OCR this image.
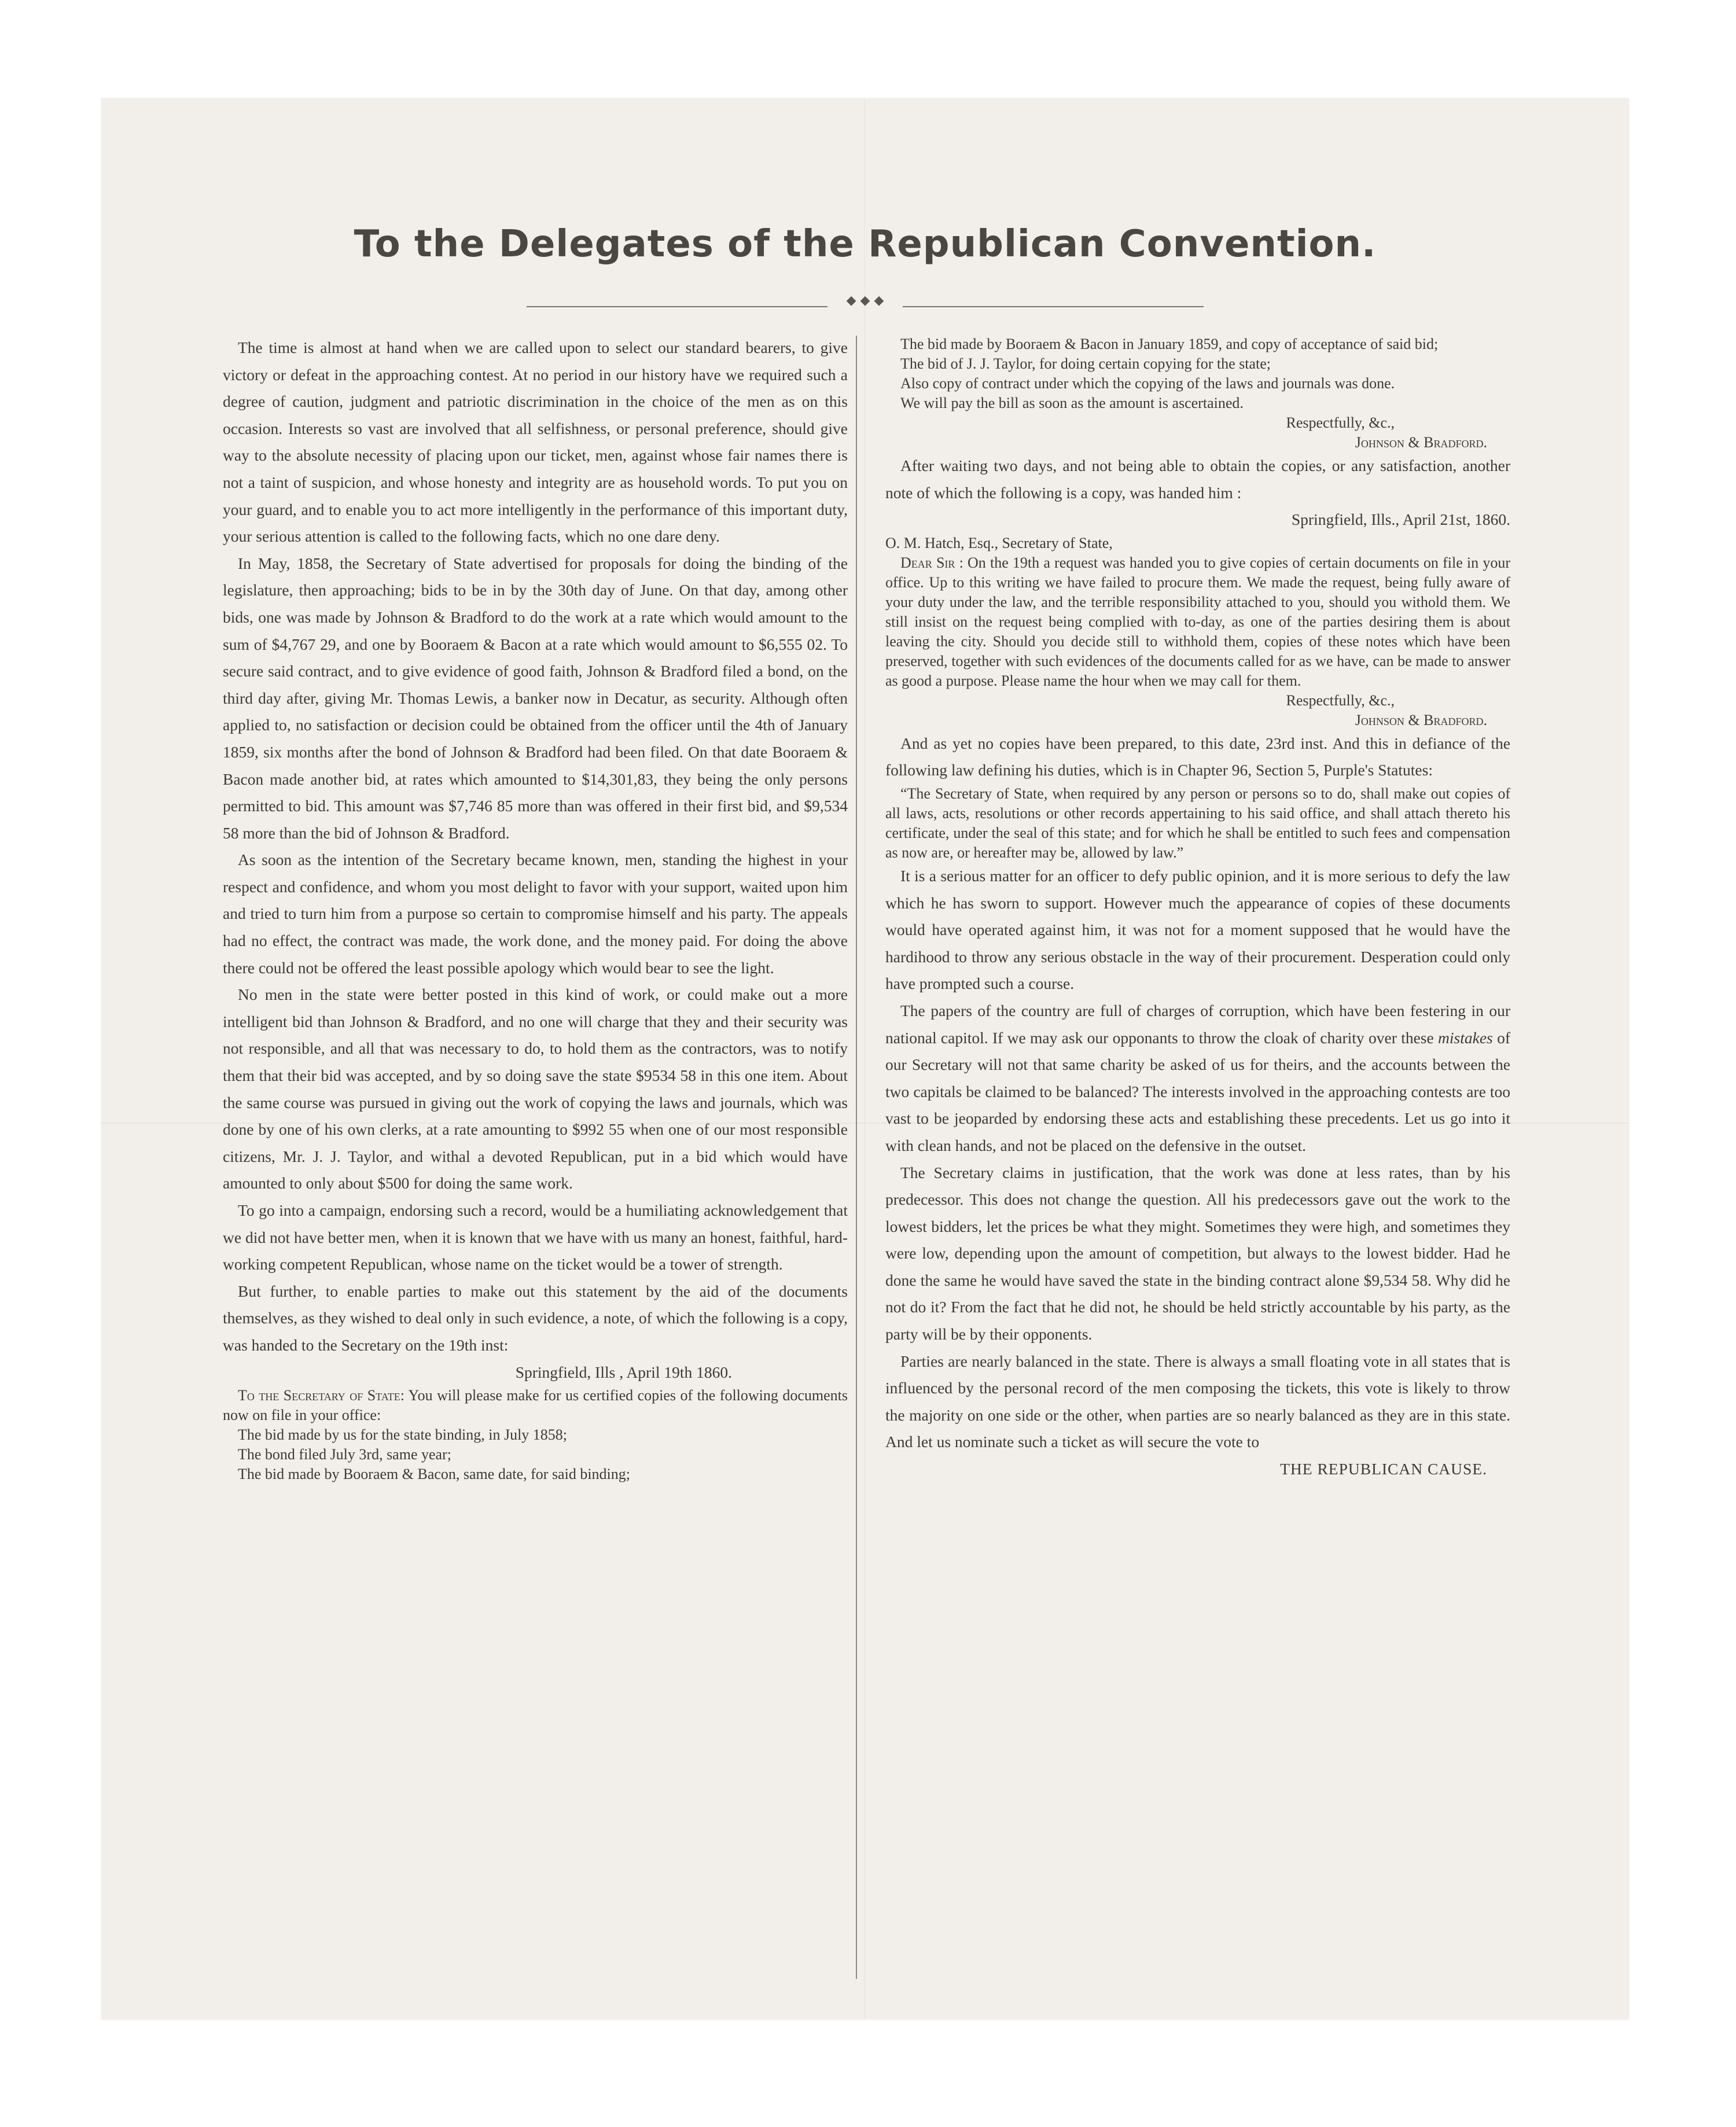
To the Delegates of the Republican Convention.
◆ ◆ ◆

The time is almost at hand when we are called upon to select our standard bearers, to give victory or defeat in the approaching contest. At no period in our history have we required such a degree of caution, judgment and patriotic discrimination in the choice of the men as on this occasion. Interests so vast are involved that all selfishness, or personal preference, should give way to the absolute necessity of placing upon our ticket, men, against whose fair names there is not a taint of suspicion, and whose honesty and integrity are as household words. To put you on your guard, and to enable you to act more intelligently in the performance of this important duty, your serious attention is called to the following facts, which no one dare deny.

In May, 1858, the Secretary of State advertised for proposals for doing the binding of the legislature, then approaching; bids to be in by the 30th day of June. On that day, among other bids, one was made by Johnson & Bradford to do the work at a rate which would amount to the sum of $4,767 29, and one by Booraem & Bacon at a rate which would amount to $6,555 02. To secure said contract, and to give evidence of good faith, Johnson & Bradford filed a bond, on the third day after, giving Mr. Thomas Lewis, a banker now in Decatur, as security. Although often applied to, no satisfaction or decision could be obtained from the officer until the 4th of January 1859, six months after the bond of Johnson & Bradford had been filed. On that date Booraem & Bacon made another bid, at rates which amounted to $14,301,83, they being the only persons permitted to bid. This amount was $7,746 85 more than was offered in their first bid, and $9,534 58 more than the bid of Johnson & Bradford.

As soon as the intention of the Secretary became known, men, standing the highest in your respect and confidence, and whom you most delight to favor with your support, waited upon him and tried to turn him from a purpose so certain to compromise himself and his party. The appeals had no effect, the contract was made, the work done, and the money paid. For doing the above there could not be offered the least possible apology which would bear to see the light.

No men in the state were better posted in this kind of work, or could make out a more intelligent bid than Johnson & Bradford, and no one will charge that they and their security was not responsible, and all that was necessary to do, to hold them as the contractors, was to notify them that their bid was accepted, and by so doing save the state $9534 58 in this one item. About the same course was pursued in giving out the work of copying the laws and journals, which was done by one of his own clerks, at a rate amounting to $992 55 when one of our most responsible citizens, Mr. J. J. Taylor, and withal a devoted Republican, put in a bid which would have amounted to only about $500 for doing the same work.

To go into a campaign, endorsing such a record, would be a humiliating acknowledgement that we did not have better men, when it is known that we have with us many an honest, faithful, hard-working competent Republican, whose name on the ticket would be a tower of strength.

But further, to enable parties to make out this statement by the aid of the documents themselves, as they wished to deal only in such evidence, a note, of which the following is a copy, was handed to the Secretary on the 19th inst:

Springfield, Ills , April 19th 1860.

To the Secretary of State: You will please make for us certified copies of the following documents now on file in your office:

The bid made by us for the state binding, in July 1858;

The bond filed July 3rd, same year;

The bid made by Booraem & Bacon, same date, for said binding;

The bid made by Booraem & Bacon in January 1859, and copy of acceptance of said bid;

The bid of J. J. Taylor, for doing certain copying for the state;

Also copy of contract under which the copying of the laws and journals was done.

We will pay the bill as soon as the amount is ascertained.

Respectfully, &c.,

Johnson & Bradford.

After waiting two days, and not being able to obtain the copies, or any satisfaction, another note of which the following is a copy, was handed him :

Springfield, Ills., April 21st, 1860.

O. M. Hatch, Esq., Secretary of State,

Dear Sir : On the 19th a request was handed you to give copies of certain documents on file in your office. Up to this writing we have failed to procure them. We made the request, being fully aware of your duty under the law, and the terrible responsibility attached to you, should you withold them. We still insist on the request being complied with to-day, as one of the parties desiring them is about leaving the city. Should you decide still to withhold them, copies of these notes which have been preserved, together with such evidences of the documents called for as we have, can be made to answer as good a purpose. Please name the hour when we may call for them.

Respectfully, &c.,

Johnson & Bradford.

And as yet no copies have been prepared, to this date, 23rd inst. And this in defiance of the following law defining his duties, which is in Chapter 96, Section 5, Purple's Statutes:

“The Secretary of State, when required by any person or persons so to do, shall make out copies of all laws, acts, resolutions or other records appertaining to his said office, and shall attach thereto his certificate, under the seal of this state; and for which he shall be entitled to such fees and compensation as now are, or hereafter may be, allowed by law.”

It is a serious matter for an officer to defy public opinion, and it is more serious to defy the law which he has sworn to support. However much the appearance of copies of these documents would have operated against him, it was not for a moment supposed that he would have the hardihood to throw any serious obstacle in the way of their procurement. Desperation could only have prompted such a course.

The papers of the country are full of charges of corruption, which have been festering in our national capitol. If we may ask our opponants to throw the cloak of charity over these mistakes of our Secretary will not that same charity be asked of us for theirs, and the accounts between the two capitals be claimed to be balanced? The interests involved in the approaching contests are too vast to be jeoparded by endorsing these acts and establishing these precedents. Let us go into it with clean hands, and not be placed on the defensive in the outset.

The Secretary claims in justification, that the work was done at less rates, than by his predecessor. This does not change the question. All his predecessors gave out the work to the lowest bidders, let the prices be what they might. Sometimes they were high, and sometimes they were low, depending upon the amount of competition, but always to the lowest bidder. Had he done the same he would have saved the state in the binding contract alone $9,534 58. Why did he not do it? From the fact that he did not, he should be held strictly accountable by his party, as the party will be by their opponents.

Parties are nearly balanced in the state. There is always a small floating vote in all states that is influenced by the personal record of the men composing the tickets, this vote is likely to throw the majority on one side or the other, when parties are so nearly balanced as they are in this state. And let us nominate such a ticket as will secure the vote to

THE REPUBLICAN CAUSE.
